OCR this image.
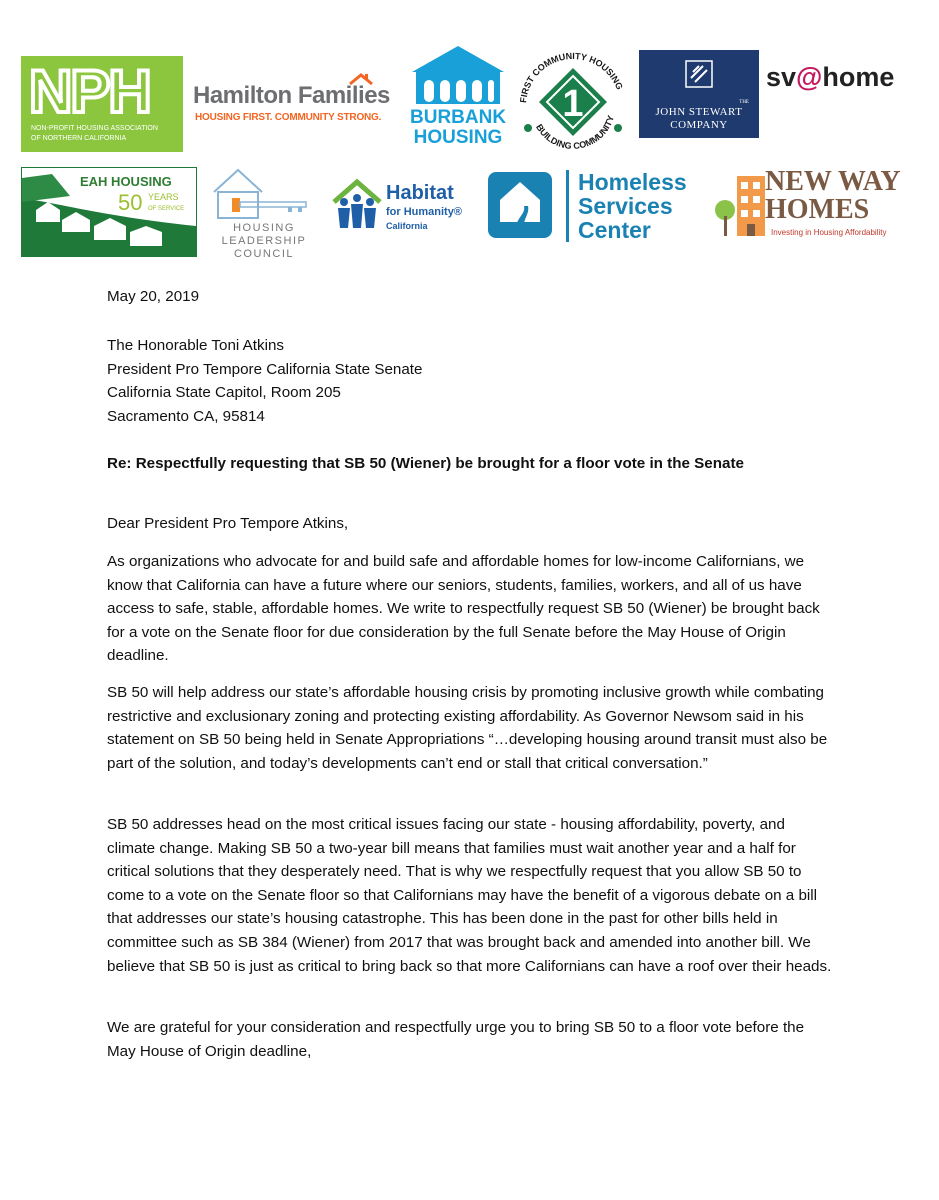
NPH
NON-PROFIT HOUSING ASSOCIATION
OF NORTHERN CALIFORNIA
Hamilton Families
HOUSING FIRST. COMMUNITY STRONG. BURBANK
HOUSING
FIRST COMMUNITY HOUSING
BUILDING COMMUNITY
1	THE
JOHN STEWART
COMPANY
sv@home
EAH HOUSING
50 YEARS
OF SERVICE
HOUSING
LEADERSHIP
COUNCIL
Habitat
for Humanity®
California
Homeless
Services
Center
NEW WAY
HOMES
Investing in Housing Affordability
May 20, 2019
The Honorable Toni Atkins
President Pro Tempore California State Senate
California State Capitol, Room 205
Sacramento CA, 95814
Re: Respectfully requesting that SB 50 (Wiener) be brought for a floor vote in the Senate
Dear President Pro Tempore Atkins,
As organizations who advocate for and build safe and affordable homes for low-income Californians, we know that California can have a future where our seniors, students, families, workers, and all of us have access to safe, stable, affordable homes. We write to respectfully request SB 50 (Wiener) be brought back for a vote on the Senate floor for due consideration by the full Senate before the May House of Origin deadline.
SB 50 will help address our state’s affordable housing crisis by promoting inclusive growth while combating restrictive and exclusionary zoning and protecting existing affordability. As Governor Newsom said in his statement on SB 50 being held in Senate Appropriations “…developing housing around transit must also be part of the solution, and today’s developments can’t end or stall that critical conversation.”
SB 50 addresses head on the most critical issues facing our state - housing affordability, poverty, and climate change. Making SB 50 a two-year bill means that families must wait another year and a half for critical solutions that they desperately need. That is why we respectfully request that you allow SB 50 to come to a vote on the Senate floor so that Californians may have the benefit of a vigorous debate on a bill that addresses our state’s housing catastrophe. This has been done in the past for other bills held in committee such as SB 384 (Wiener) from 2017 that was brought back and amended into another bill. We believe that SB 50 is just as critical to bring back so that more Californians can have a roof over their heads.
We are grateful for your consideration and respectfully urge you to bring SB 50 to a floor vote before the May House of Origin deadline,
